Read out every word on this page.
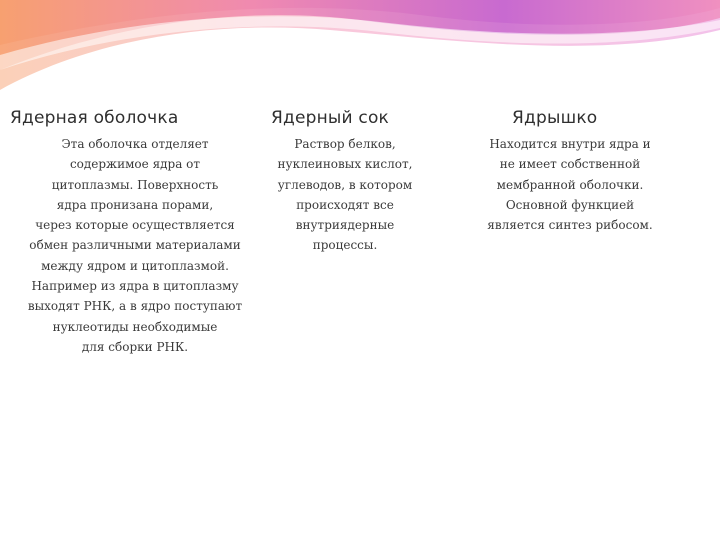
Ядерная оболочка
Эта оболочка отделяет
содержимое ядра от
цитоплазмы. Поверхность
ядра пронизана порами,
через которые осуществляется
обмен различными материалами
между ядром и цитоплазмой.
Например из ядра в цитоплазму
выходят РНК, а в ядро поступают
нуклеотиды необходимые
для сборки РНК.
Ядерный сок
Раствор белков,
нуклеиновых кислот,
углеводов, в котором
происходят все
внутриядерные
процессы.
Ядрышко
Находится внутри ядра и
не имеет собственной
мембранной оболочки.
Основной функцией
является синтез рибосом.
